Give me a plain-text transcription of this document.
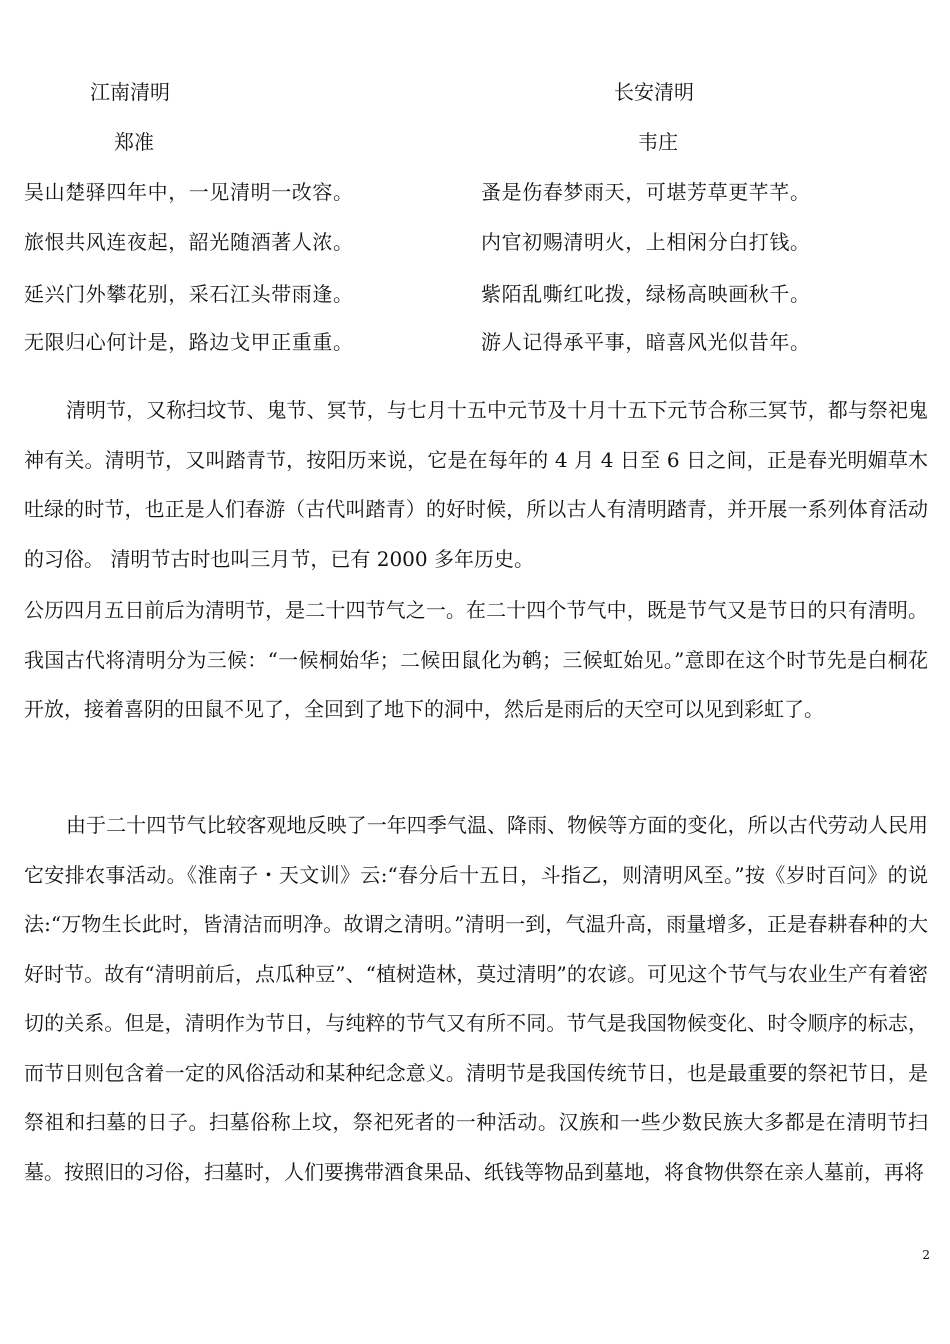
江南清明
郑准
吴山楚驿四年中，一见清明一改容。
旅恨共风连夜起，韶光随酒著人浓。
延兴门外攀花别，采石江头带雨逢。
无限归心何计是，路边戈甲正重重。
长安清明
韦庄
蚤是伤春梦雨天，可堪芳草更芊芊。
内官初赐清明火，上相闲分白打钱。
紫陌乱嘶红叱拨，绿杨高映画秋千。
游人记得承平事，暗喜风光似昔年。

清明节，又称扫坟节、鬼节、冥节，与七月十五中元节及十月十五下元节合称三冥节，都与祭祀鬼神有关。清明节，又叫踏青节，按阳历来说，它是在每年的 4 月 4 日至 6 日之间，正是春光明媚草木吐绿的时节，也正是人们春游（古代叫踏青）的好时候，所以古人有清明踏青，并开展一系列体育活动的习俗。 清明节古时也叫三月节，已有 2000 多年历史。

公历四月五日前后为清明节，是二十四节气之一。在二十四个节气中，既是节气又是节日的只有清明。我国古代将清明分为三候：“一候桐始华；二候田鼠化为鹌；三候虹始见。”意即在这个时节先是白桐花开放，接着喜阴的田鼠不见了，全回到了地下的洞中，然后是雨后的天空可以见到彩虹了。

由于二十四节气比较客观地反映了一年四季气温、降雨、物候等方面的变化，所以古代劳动人民用它安排农事活动。《淮南子・天文训》云:“春分后十五日，斗指乙，则清明风至。”按《岁时百问》的说法:“万物生长此时，皆清洁而明净。故谓之清明。”清明一到，气温升高，雨量增多，正是春耕春种的大好时节。故有“清明前后，点瓜种豆”、“植树造林，莫过清明”的农谚。可见这个节气与农业生产有着密切的关系。但是，清明作为节日，与纯粹的节气又有所不同。节气是我国物候变化、时令顺序的标志，而节日则包含着一定的风俗活动和某种纪念意义。清明节是我国传统节日，也是最重要的祭祀节日，是祭祖和扫墓的日子。扫墓俗称上坟，祭祀死者的一种活动。汉族和一些少数民族大多都是在清明节扫墓。按照旧的习俗，扫墓时，人们要携带酒食果品、纸钱等物品到墓地，将食物供祭在亲人墓前，再将

2
